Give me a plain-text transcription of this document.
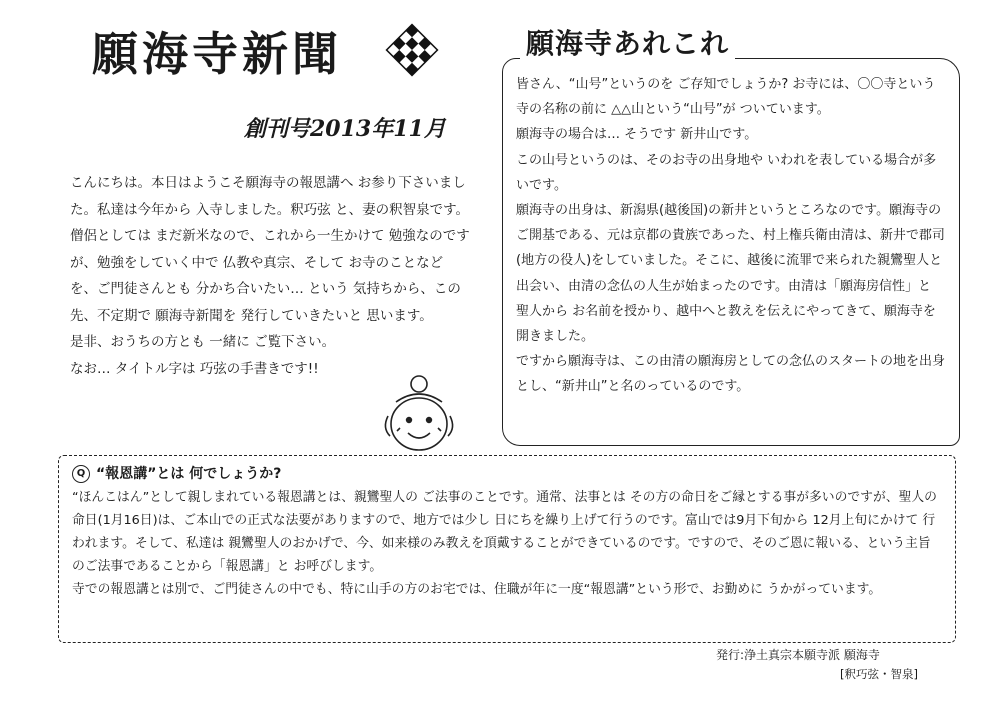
願海寺新聞
創刊号2013年11月

こんにちは。本日はようこそ願海寺の報恩講へ お参り下さいました。私達は今年から 入寺しました。釈巧弦 と、妻の釈智泉です。僧侶としては まだ新米なので、これから一生かけて 勉強なのですが、勉強をしていく中で 仏教や真宗、そして お寺のことなどを、ご門徒さんとも 分かち合いたい… という 気持ちから、この先、不定期で 願海寺新聞を 発行していきたいと 思います。

是非、おうちの方とも 一緒に ご覧下さい。

なお… タイトル字は 巧弦の手書きです!!

願海寺あれこれ

皆さん、“山号”というのを ご存知でしょうか? お寺には、〇〇寺という寺の名称の前に △△山という“山号”が ついています。

願海寺の場合は… そうです 新井山です。

この山号というのは、そのお寺の出身地や いわれを表している場合が多いです。

願海寺の出身は、新潟県(越後国)の新井というところなのです。願海寺のご開基である、元は京都の貴族であった、村上権兵衛由清は、新井で郡司(地方の役人)をしていました。そこに、越後に流罪で来られた親鸞聖人と出会い、由清の念仏の人生が始まったのです。由清は「願海房信性」と 聖人から お名前を授かり、越中へと教えを伝えにやってきて、願海寺を開きました。

ですから願海寺は、この由清の願海房としての念仏のスタートの地を出身とし、“新井山”と名のっているのです。

Q “報恩講”とは 何でしょうか?

“ほんこはん”として親しまれている報恩講とは、親鸞聖人の ご法事のことです。通常、法事とは その方の命日をご縁とする事が多いのですが、聖人の命日(1月16日)は、ご本山での正式な法要がありますので、地方では少し 日にちを繰り上げて行うのです。富山では9月下旬から 12月上旬にかけて 行われます。そして、私達は 親鸞聖人のおかげで、今、如来様のみ教えを頂戴することができているのです。ですので、そのご恩に報いる、という主旨のご法事であることから「報恩講」と お呼びします。

寺での報恩講とは別で、ご門徒さんの中でも、特に山手の方のお宅では、住職が年に一度“報恩講”という形で、お勤めに うかがっています。

発行:浄土真宗本願寺派 願海寺
[釈巧弦・智泉]
